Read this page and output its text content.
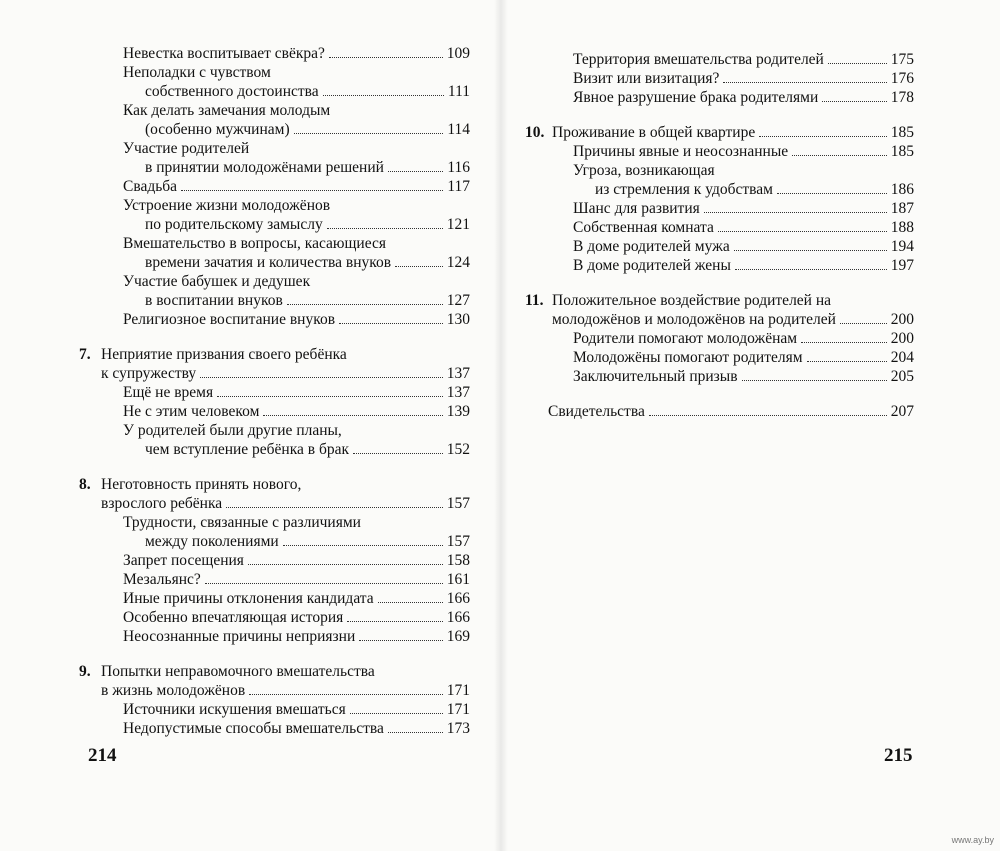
Невестка воспитывает свёкра?	109
Неполадки с чувством
собственного достоинства	111
Как делать замечания молодым
(особенно мужчинам)	114
Участие родителей
в принятии молодожёнами решений	116
Свадьба	117
Устроение жизни молодожёнов
по родительскому замыслу	121
Вмешательство в вопросы, касающиеся
времени зачатия и количества внуков	124
Участие бабушек и дедушек
в воспитании внуков	127
Религиозное воспитание внуков	130
7. Неприятие призвания своего ребёнка
к супружеству	137
Ещё не время	137
Не с этим человеком	139
У родителей были другие планы,
чем вступление ребёнка в брак	152
8. Неготовность принять нового,
взрослого ребёнка	157
Трудности, связанные с различиями
между поколениями	157
Запрет посещения	158
Мезальянс?	161
Иные причины отклонения кандидата	166
Особенно впечатляющая история	166
Неосознанные причины неприязни	169
9. Попытки неправомочного вмешательства
в жизнь молодожёнов	171
Источники искушения вмешаться	171
Недопустимые способы вмешательства	173
214
Территория вмешательства родителей	175
Визит или визитация?	176
Явное разрушение брака родителями	178
10. Проживание в общей квартире	185
Причины явные и неосознанные	185
Угроза, возникающая
из стремления к удобствам	186
Шанс для развития	187
Собственная комната	188
В доме родителей мужа	194
В доме родителей жены	197
11. Положительное воздействие родителей на
молодожёнов и молодожёнов на родителей	200
Родители помогают молодожёнам	200
Молодожёны помогают родителям	204
Заключительный призыв	205
Свидетельства	207
215
www.ay.by
